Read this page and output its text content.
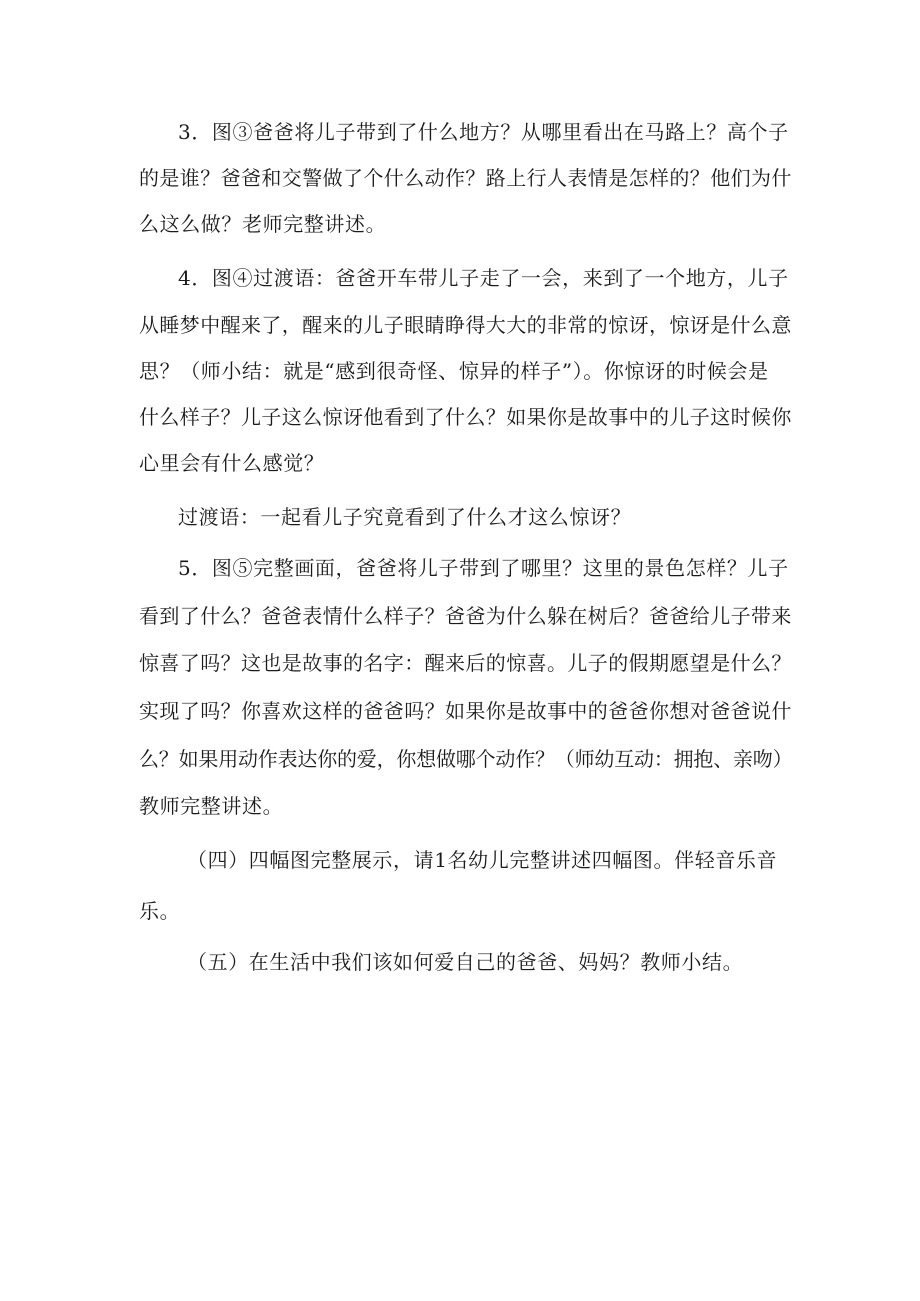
3．图③爸爸将儿子带到了什么地方？从哪里看出在马路上？高个子
的是谁？爸爸和交警做了个什么动作？路上行人表情是怎样的？他们为什
么这么做？老师完整讲述。
4．图④过渡语：爸爸开车带儿子走了一会，来到了一个地方，儿子
从睡梦中醒来了，醒来的儿子眼睛睁得大大的非常的惊讶，惊讶是什么意
思？（师小结：就是“感到很奇怪、惊异的样子”）。你惊讶的时候会是
什么样子？儿子这么惊讶他看到了什么？如果你是故事中的儿子这时候你
心里会有什么感觉？
过渡语：一起看儿子究竟看到了什么才这么惊讶？
5．图⑤完整画面，爸爸将儿子带到了哪里？这里的景色怎样？儿子
看到了什么？爸爸表情什么样子？爸爸为什么躲在树后？爸爸给儿子带来
惊喜了吗？这也是故事的名字：醒来后的惊喜。儿子的假期愿望是什么？
实现了吗？你喜欢这样的爸爸吗？如果你是故事中的爸爸你想对爸爸说什
么？如果用动作表达你的爱，你想做哪个动作？（师幼互动：拥抱、亲吻）
教师完整讲述。
（四）四幅图完整展示，请1名幼儿完整讲述四幅图。伴轻音乐音
乐。
（五）在生活中我们该如何爱自己的爸爸、妈妈？教师小结。
